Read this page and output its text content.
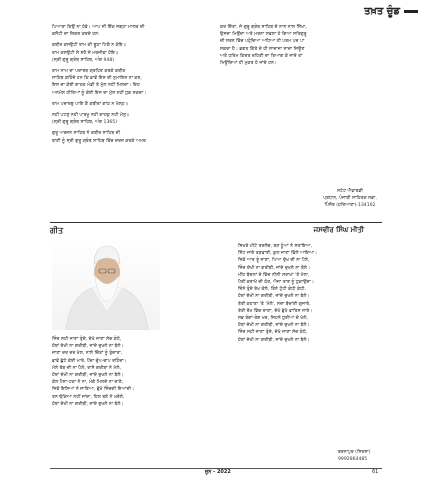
ਤਖ਼ਤ ਚੂੰਡ

ਪਿਆਰਾ ਕਿਉਂ ਨਾ ਹੋਵੇ। ਆਪ ਜੀ ਇੱਕ ਜਗ੍ਹਾ ਮਾਲਕ ਦੀ

ਕਸੌਟੀ ਦਾ ਜ਼ਿਕਰ ਕਰਦੇ ਹਨ:

ਕਬੀਰ ਕਸਉਟੀ ਰਾਮ ਕੀ ਝੂਠਾ ਟਿਕੈ ਨ ਕੋਇ॥

ਰਾਮ ਕਸਉਟੀ ਸੋ ਸਹੈ ਜੋ ਮਰਜੀਵਾ ਹੋਇ॥

(ਸ੍ਰੀ ਗੁਰੂ ਗ੍ਰੰਥ ਸਾਹਿਬ, ਅੰਗ 948)

ਰਾਮ ਨਾਮ ਦਾ ਪਦਾਰਥ ਗ੍ਰਹਿਣ ਕਰਕੇ ਕਬੀਰ

ਸਾਹਿਬ ਕਹਿੰਦੇ ਹਨ ਕਿ ਭਾਵੇਂ ਇਸ ਦੀ ਨੁਮਾਇਸ਼ ਨਾ ਕਰ,

ਇਸ ਦਾ ਕੋਈ ਗਾਹਕ ਮੰਡੀ ਤੇ ਮੁੱਲ ਨਹੀਂ ਮਿਲਦਾ। ਇਹ

ਅਨਮੋਲ ਹੀਰਿਆਂ ਨੂੰ ਕੋਈ ਇਸ ਦਾ ਮੁੱਲ ਨਹੀਂ ਧੁਕ ਸਕਦਾ।

ਰਾਮ ਪਦਾਰਥੁ ਪਾਇ ਕੈ ਕਬੀਰਾ ਗਾਂਠ ਨ ਖੋਲ੍ਹ॥

ਨਹੀ ਪਟਣੁ ਨਹੀ ਪਾਰਖੂ ਨਹੀ ਗਾਹਕੁ ਨਹੀ ਮੋਲੁ॥

(ਸ੍ਰੀ ਗੁਰੂ ਗ੍ਰੰਥ ਸਾਹਿਬ, ਅੰਗ 1365)

ਗੁਰੂ ਅਰਜਨ ਸਾਹਿਬ ਨੇ ਕਬੀਰ ਸਾਹਿਬ ਦੀ

ਬਾਣੀ ਨੂੰ ਸ੍ਰੀ ਗੁਰੂ ਗ੍ਰੰਥ ਸਾਹਿਬ ਵਿੱਚ ਦਰਜ ਕਰਕੇ ਅਮਰ

ਕਰ ਦਿੱਤਾ, ਜੋ ਗੁਰੂ ਗ੍ਰੰਥ ਸਾਹਿਬ ਦੇ ਨਾਲ ਨਾਲ ਸਿੱਖਾ,

ਉਸਦਾ ਮਿਉਂਦਾ ਅਤੇ ਮਰਨਾ ਸਫਲਾ ਹੋ ਗਿਆ ਸਤਿਗੁਰੂ

ਦੀ ਸਰਨ ਵਿੱਚ ਪਹੁੰਚਿਆ ਅਧਿਆ ਹੀ ਪਰਮ ਪਦ ਪਾ

ਸਕਦਾ ਹੈ। ਭਗਤ ਕਿੱਤੇ ਦੇ ਹੀ ਸਾਦਾਜਾ ਸਾਦਾ ਜਿਊਣ

ਅਤੇ ਧਰਿਮ ਕਿਰਤ ਰਹਿਣੀ ਦਾ ਤਿਆਗ ਕੇ ਜਾਂਦੇ ਤਾਂ

ਮਿਊਂਦਿਆਂ ਹੀ ਮੁਕਤ ਹੋ ਜਾਂਦੇ ਹਨ।

ਸਟੇਟ ਐਵਾਰਡੀ

ਪ੍ਰਧਾਨ, ਪੰਜਾਬੀ ਸਾਹਿਤਕ ਸਭਾ,

ਪਿੰਜੌਰ (ਹਰਿਆਣਾ)-134102

ਗੀਤ	ਜਸਵੀਰ ਸਿੰਘ ਮੀਤੀ

ਸਿਖਰੇ ਮੀਟੇ ਤਰਲੇਂਚ, ਬਣ ਧੂੰਆਂ ਨੇ ਸਤਾਇਆ,

ਸਿੱਟ ਜਾਂਦੇ ਤੜਫਾਈ, ਕੁਲ ਜਾਣਾ ਫਿੱਲੇ ਆਇਆ।

ਜਿਵੇਂ ਆਰ ਤੂੰ ਜਾਣਾ, ਪਿਆ ਦੁੱਖ ਦੀ ਨਾ ਪੈਲੋ,

ਜਿੰਦ ਦੇਖੀ ਨਾ ਗਰੀਬੀ, ਜਾਂਦੇ ਦੁਖਲੋ ਨਾ ਬੋਲੋ।

ਮੀਂਹ ਬੱਦਲਾਂ ਦੇ ਵਿੱਚ ਨੀਲੀ ਸਰਾਖਾਂ 'ਤੇ ਮੇਲਾ,

ਪੈਰੀਂ ਕਰਾਖੇ ਦੀ ਠੇਰ, ਐਜਾ ਤਾਣ ਨੂੰ ਧੁਕਾਉਂਦਾ।

ਜਿੰਨੇ ਤੁੰਦੇ ਰੱਖ ਕੋਲੇ, ਤਿੰਨੇ ਟੁੱਟੀ ਕੰਧੀ ਕੰਧੀ,

ਹੱਥਾਂ ਦੇਖੀ ਨਾ ਗਰੀਬੀ, ਜਾਂਦੇ ਦੁਖਲੋ ਨਾ ਬੋਲੋ।

ਤੇਰੀ ਕਹਾਣਾ 'ਤੇ 'ਮੇਲੇ', ਸਦਾ ਬੱਚਾਂਈ ਗੁਜਾਰੇ,

ਤੇਰੀ ਰੱਖ ਵਿੱਚ ਦਾਣਾ, ਦੇਖੋ ਭੁੱਖੇ ਵਾਰਿਸ ਸਾਰੇ।

ਸਭ ਰੰਗਾਂ-ਰੰਗ ਖਰ, ਜਿਹਨੇ ਧੁਰੀਆਂ ਚੋ ਖੇਲੇ,

ਹੱਥਾਂ ਦੇਖੀ ਨਾ ਗਰੀਬੀ, ਜਾਂਦੇ ਦੁਖਲੋ ਨਾ ਬੋਲੋ।

ਜਿੰਦ ਸਹੀ ਜਾਣਾ ਤੁੰਦੇ, ਦੇਖੋ ਜਾਣਾ ਸੋਚ ਕੰਧੋ,

ਹੱਥਾਂ ਦੇਖੀ ਨਾ ਗਰੀਬੀ, ਜਾਂਦੇ ਦੁਖਲੋ ਨਾ ਬੋਲੋ।

ਜਿੰਦ ਸਹੀ ਜਾਣਾ ਤੁੰਦੇ, ਦੇਖੋ ਜਾਣਾ ਸੋਚ ਕੰਧੋ,

ਹੱਥਾਂ ਦੇਖੀ ਨਾ ਗਰੀਬੀ, ਜਾਂਦੇ ਦੁਖਲੋ ਨਾ ਬੋਲੋ।

ਜਾਣਾ ਦਰ ਦਰ ਖੇਲ, ਨਾਲੇ ਚਿੱਤਾਂ ਨੂੰ ਤੁੰਦਾਤਾ,

ਭਾਵੇਂ ਛੁੱਟੇ ਕੋਈ ਮਾਰੇ, ਪੈਂਦਾ ਚੁੱਪ-ਚਾਪ ਰਹਿੰਦਾ।

ਮੱਲੇ ਰੱਬ ਦੀ ਨਾ ਪੈਲੋ, ਰਾਸੇ ਗਰੀਬਾਂ ਨੇ ਮੇਲੇ,

ਹੱਥਾਂ ਦੇਖੀ ਨਾ ਗਰੀਬੀ, ਜਾਂਦੇ ਦੁਖਲੋ ਨਾ ਬੋਲੋ।

ਕੋਲ ਪੈਸਾ-ਟਕਾ ਨੇ ਨਾ, ਮੰਗੇ ਮਿਲਦੇ ਨਾ ਦਾਣੇ,

ਜਿਵੇਂ ਇਸਿਆਂ ਨੇ ਜਾਣਿਆ, ਭੁੱਖੇ ਜਿੰਦਗੀ ਇਆਂਦੀ।

ਤਨ ਢੱਕਿਆ ਨਹੀਂ ਜਾਂਦਾ, ਹਿਲ ਬਣੇ ਨੇ ਖਰੋਲੇ,

ਹੱਥਾਂ ਦੇਖੀ ਨਾ ਗਰੀਬੀ, ਜਾਂਦੇ ਦੁਖਲੋ ਨਾ ਬੋਲੋ।

ਬਰਨਾਪੁਰ (ਸਿਰਸਾ)

9992864485

ਜੂਨ - 2022	61
